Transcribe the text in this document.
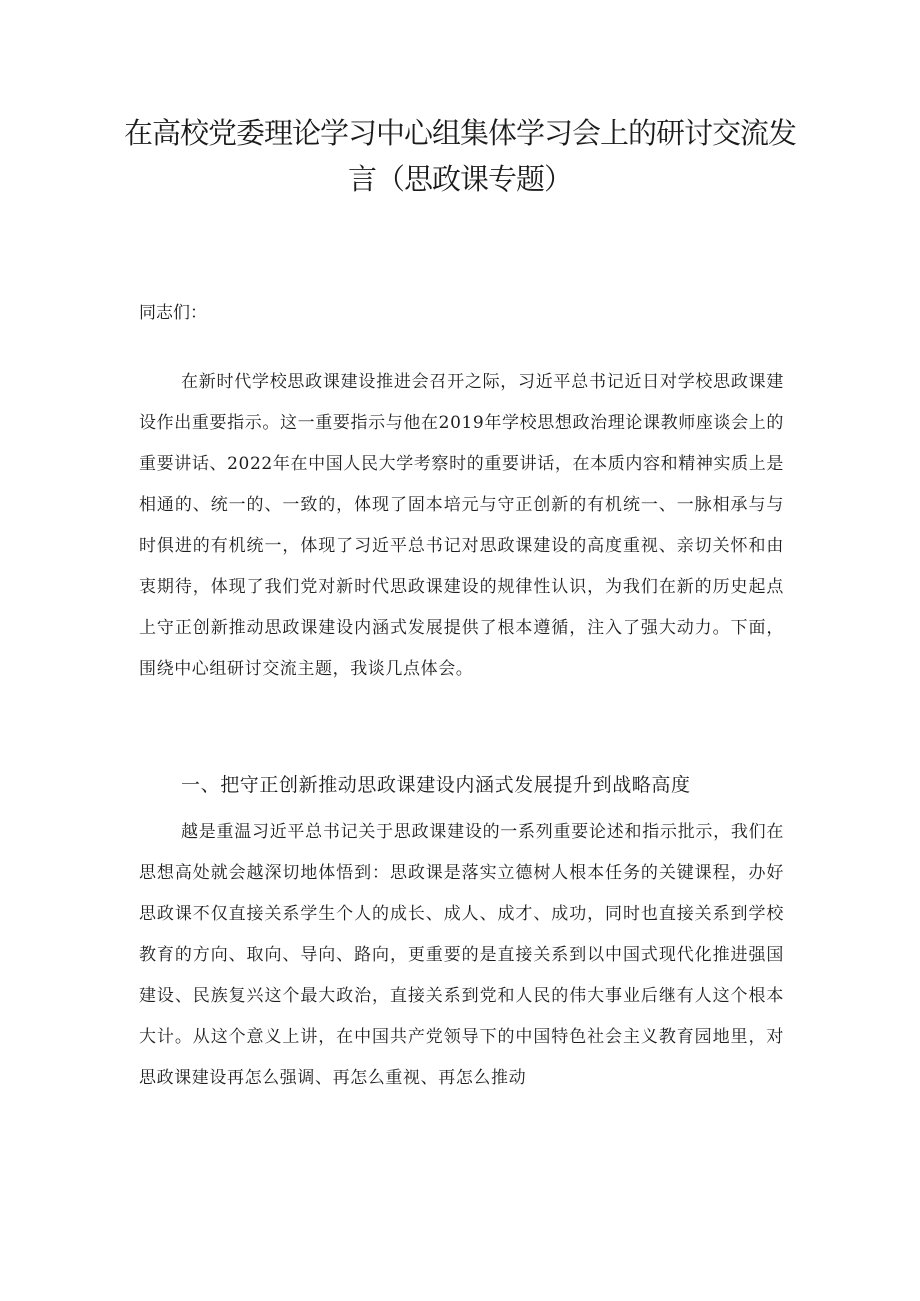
在高校党委理论学习中心组集体学习会上的研讨交流发
言（思政课专题）

同志们：

在新时代学校思政课建设推进会召开之际，习近平总书记近日对学校思政课建设作出重要指示。这一重要指示与他在2019年学校思想政治理论课教师座谈会上的重要讲话、2022年在中国人民大学考察时的重要讲话，在本质内容和精神实质上是相通的、统一的、一致的，体现了固本培元与守正创新的有机统一、一脉相承与与时俱进的有机统一，体现了习近平总书记对思政课建设的高度重视、亲切关怀和由衷期待，体现了我们党对新时代思政课建设的规律性认识，为我们在新的历史起点上守正创新推动思政课建设内涵式发展提供了根本遵循，注入了强大动力。下面，围绕中心组研讨交流主题，我谈几点体会。

一、把守正创新推动思政课建设内涵式发展提升到战略高度

越是重温习近平总书记关于思政课建设的一系列重要论述和指示批示，我们在思想高处就会越深切地体悟到：思政课是落实立德树人根本任务的关键课程，办好思政课不仅直接关系学生个人的成长、成人、成才、成功，同时也直接关系到学校教育的方向、取向、导向、路向，更重要的是直接关系到以中国式现代化推进强国建设、民族复兴这个最大政治，直接关系到党和人民的伟大事业后继有人这个根本大计。从这个意义上讲，在中国共产党领导下的中国特色社会主义教育园地里，对思政课建设再怎么强调、再怎么重视、再怎么推动
